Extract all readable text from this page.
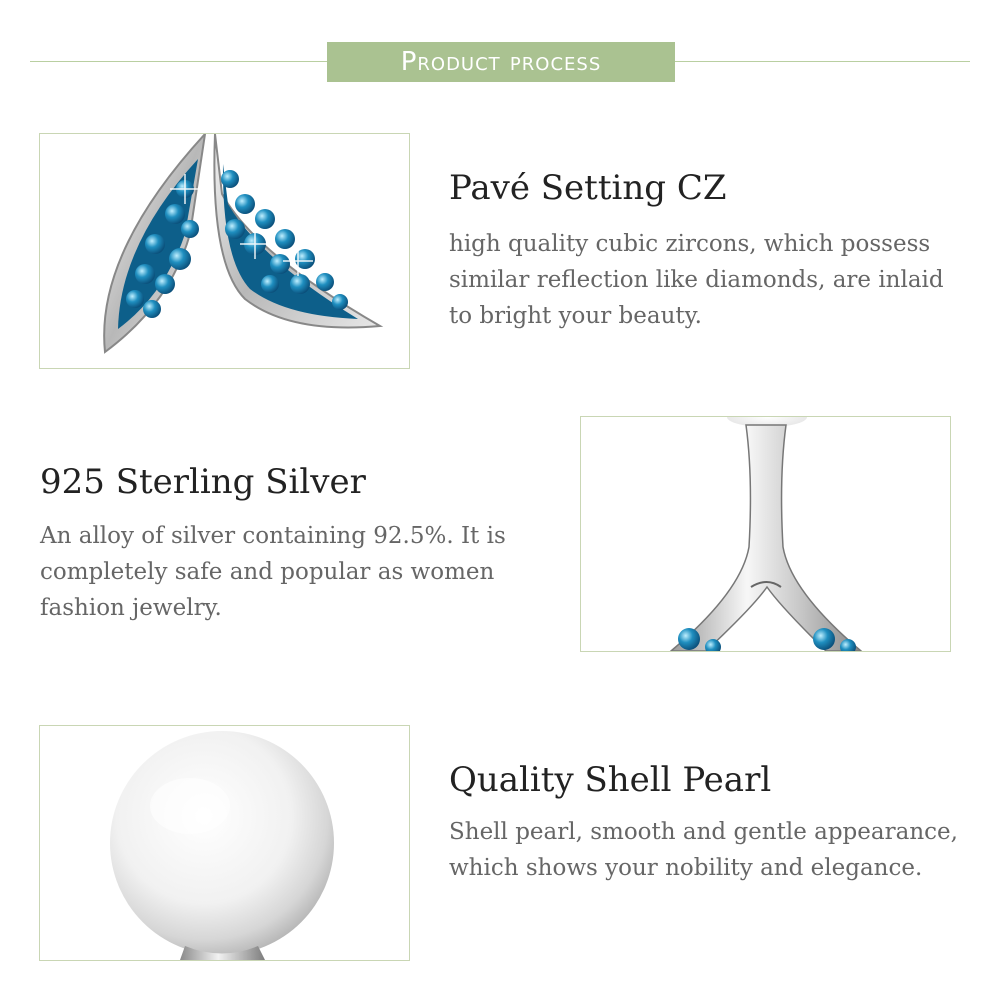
Product process
Pavé Setting CZ
high quality cubic zircons, which possess similar reflection like diamonds, are inlaid to bright your beauty.
925 Sterling Silver
An alloy of silver containing 92.5%. It is completely safe and popular as women fashion jewelry.
Quality Shell Pearl
Shell pearl, smooth and gentle appearance, which shows your nobility and elegance.
